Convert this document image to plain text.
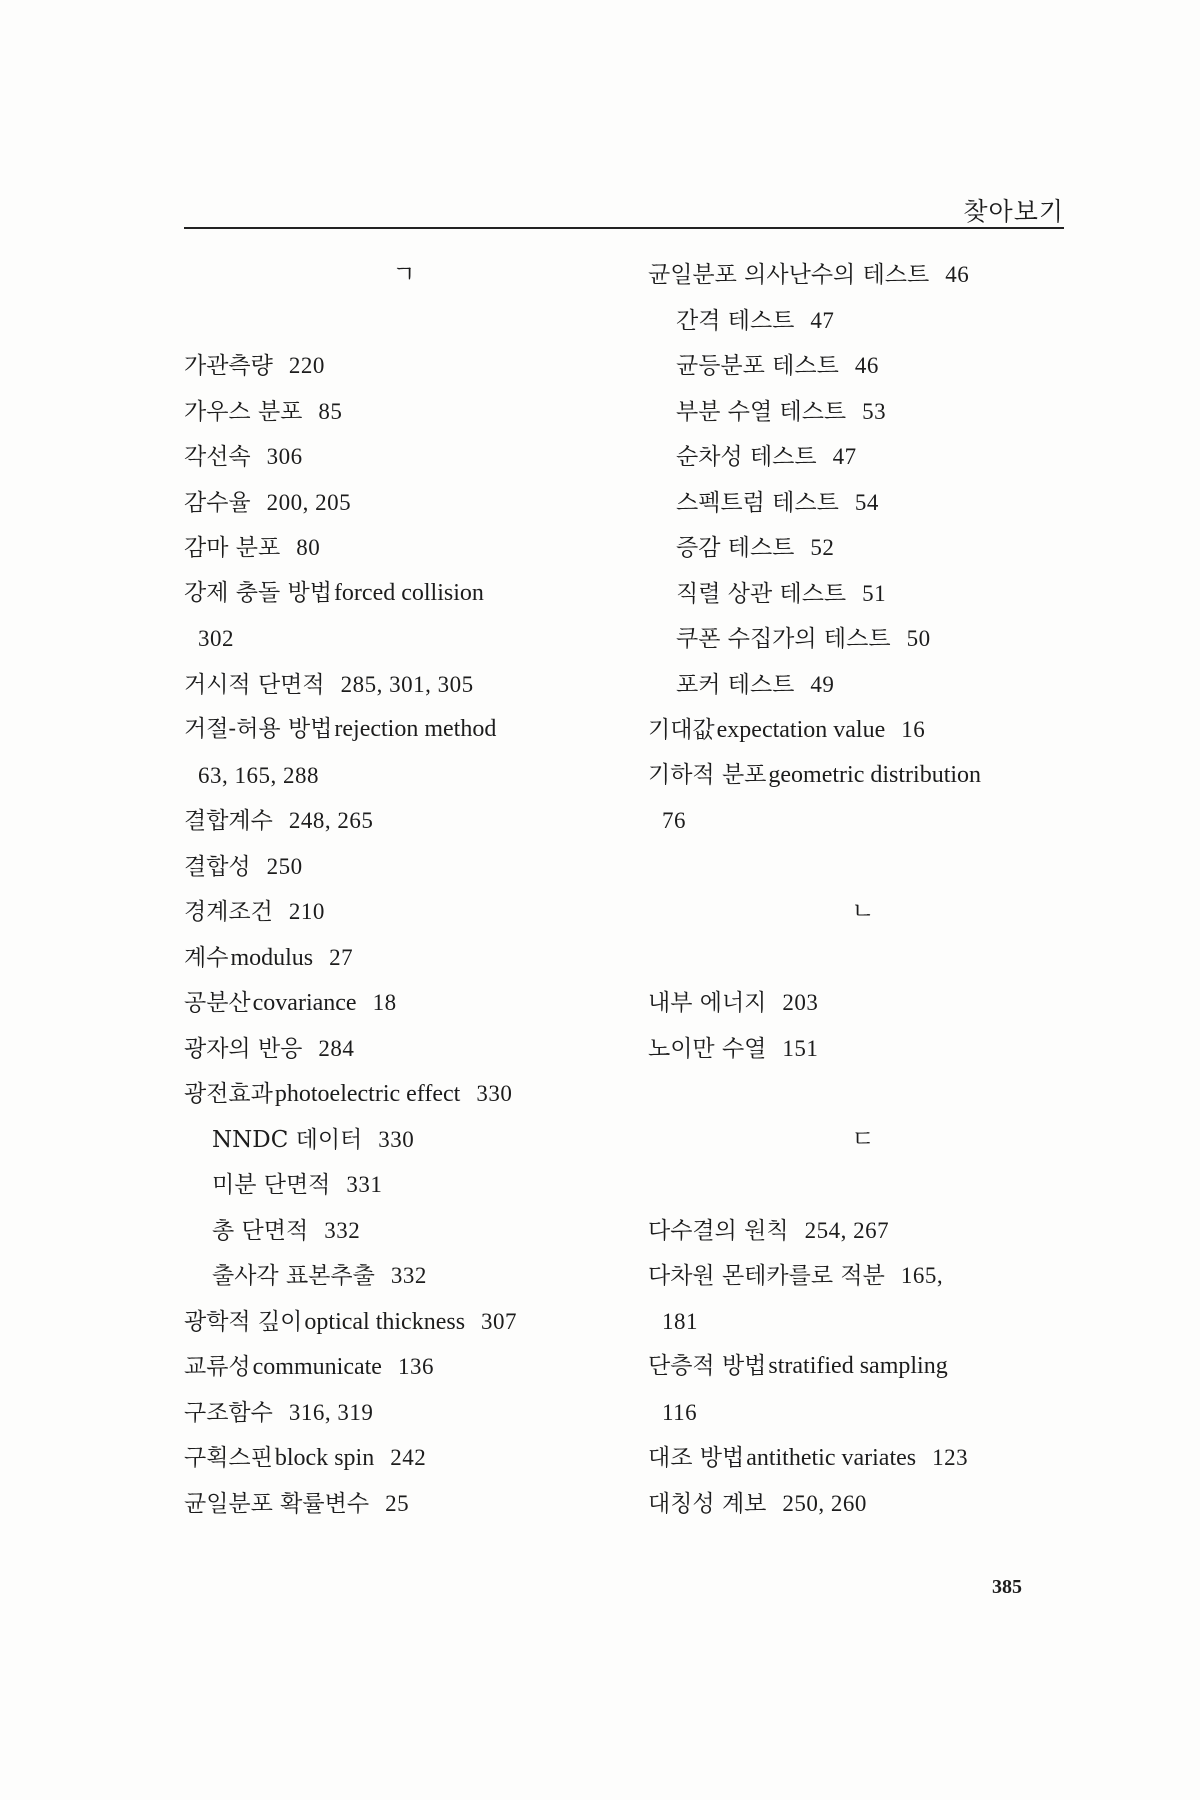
찾아보기
ㄱ
가관측량 220
가우스 분포 85
각선속 306
감수율 200, 205
감마 분포 80
강제 충돌 방법forced collision
302
거시적 단면적 285, 301, 305
거절-허용 방법rejection method
63, 165, 288
결합계수 248, 265
결합성 250
경계조건 210
계수modulus 27
공분산covariance 18
광자의 반응 284
광전효과photoelectric effect 330
NNDC 데이터 330
미분 단면적 331
총 단면적 332
출사각 표본추출 332
광학적 깊이optical thickness 307
교류성communicate 136
구조함수 316, 319
구획스핀block spin 242
균일분포 확률변수 25
균일분포 의사난수의 테스트 46
간격 테스트 47
균등분포 테스트 46
부분 수열 테스트 53
순차성 테스트 47
스펙트럼 테스트 54
증감 테스트 52
직렬 상관 테스트 51
쿠폰 수집가의 테스트 50
포커 테스트 49
기대값expectation value 16
기하적 분포geometric distribution
76
ㄴ
내부 에너지 203
노이만 수열 151
ㄷ
다수결의 원칙 254, 267
다차원 몬테카를로 적분 165,
181
단층적 방법stratified sampling
116
대조 방법antithetic variates 123
대칭성 계보 250, 260
385
